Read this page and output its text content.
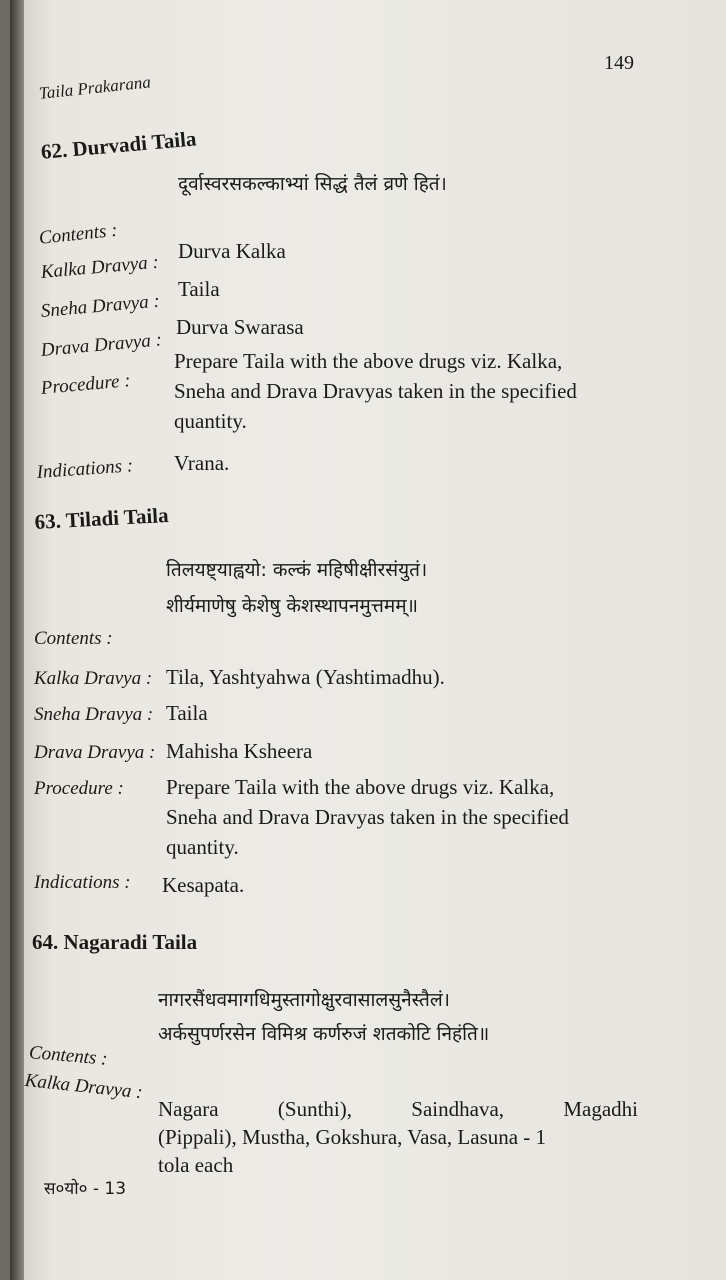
Taila Prakarana
149
62. Durvadi Taila
दूर्वास्वरसकल्काभ्यां सिद्धं तैलं व्रणे हितं।
Contents :
Kalka Dravya :
Durva Kalka
Sneha Dravya :
Taila
Drava Dravya :
Durva Swarasa
Procedure :
Prepare Taila with the above drugs viz. Kalka,
Sneha and Drava Dravyas taken in the specified
quantity.
Indications : Vrana.
63. Tiladi Taila
तिलयष्ट्याह्वयो: कल्कं महिषीक्षीरसंयुतं।
शीर्यमाणेषु केशेषु केशस्थापनमुत्तमम्॥
Contents :
Kalka Dravya : Tila, Yashtyahwa (Yashtimadhu).
Sneha Dravya : Taila
Drava Dravya : Mahisha Ksheera
Procedure : Prepare Taila with the above drugs viz. Kalka,
Sneha and Drava Dravyas taken in the specified
quantity.
Indications : Kesapata.
64. Nagaradi Taila
नागरसैंधवमागधिमुस्तागोक्षुरवासालसुनैस्तैलं।
अर्कसुपर्णरसेन विमिश्र कर्णरुजं शतकोटि निहंति॥
Contents :
Kalka Dravya :
Nagara (Sunthi), Saindhava, Magadhi
(Pippali), Mustha, Gokshura, Vasa, Lasuna - 1
tola each
स०यो० - 13
